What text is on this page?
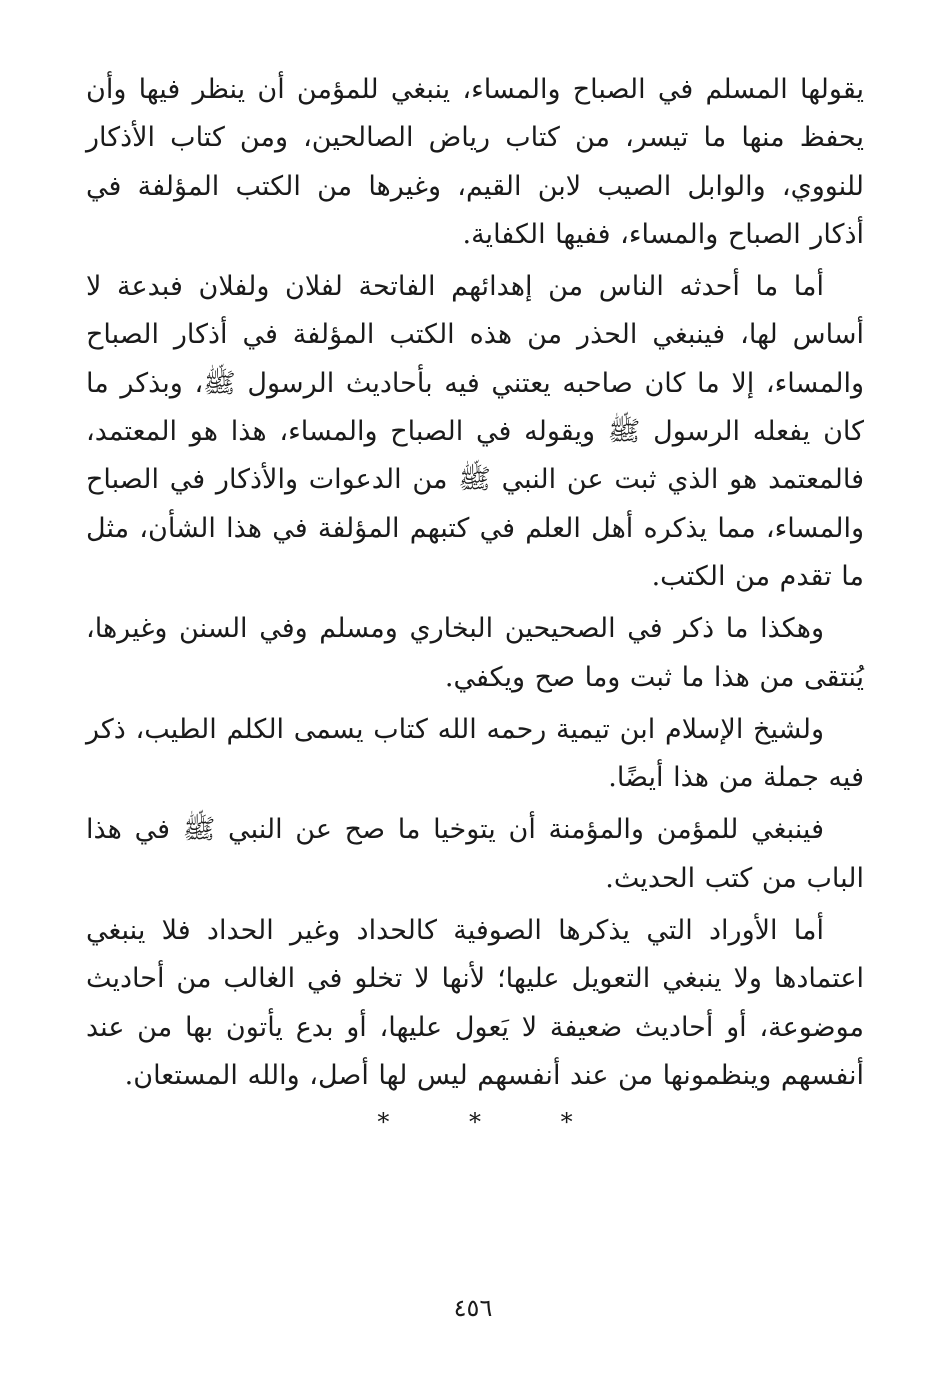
يقولها المسلم في الصباح والمساء، ينبغي للمؤمن أن ينظر فيها وأن يحفظ منها ما تيسر، من كتاب رياض الصالحين، ومن كتاب الأذكار للنووي، والوابل الصيب لابن القيم، وغيرها من الكتب المؤلفة في أذكار الصباح والمساء، ففيها الكفاية.

أما ما أحدثه الناس من إهدائهم الفاتحة لفلان ولفلان فبدعة لا أساس لها، فينبغي الحذر من هذه الكتب المؤلفة في أذكار الصباح والمساء، إلا ما كان صاحبه يعتني فيه بأحاديث الرسول ﷺ، وبذكر ما كان يفعله الرسول ﷺ ويقوله في الصباح والمساء، هذا هو المعتمد، فالمعتمد هو الذي ثبت عن النبي ﷺ من الدعوات والأذكار في الصباح والمساء، مما يذكره أهل العلم في كتبهم المؤلفة في هذا الشأن، مثل ما تقدم من الكتب.

وهكذا ما ذكر في الصحيحين البخاري ومسلم وفي السنن وغيرها، يُنتقى من هذا ما ثبت وما صح ويكفي.

ولشيخ الإسلام ابن تيمية رحمه الله كتاب يسمى الكلم الطيب، ذكر فيه جملة من هذا أيضًا.

فينبغي للمؤمن والمؤمنة أن يتوخيا ما صح عن النبي ﷺ في هذا الباب من كتب الحديث.

أما الأوراد التي يذكرها الصوفية كالحداد وغير الحداد فلا ينبغي اعتمادها ولا ينبغي التعويل عليها؛ لأنها لا تخلو في الغالب من أحاديث موضوعة، أو أحاديث ضعيفة لا يَعول عليها، أو بدع يأتون بها من عند أنفسهم وينظمونها من عند أنفسهم ليس لها أصل، والله المستعان.

*	*	*
٤٥٦
